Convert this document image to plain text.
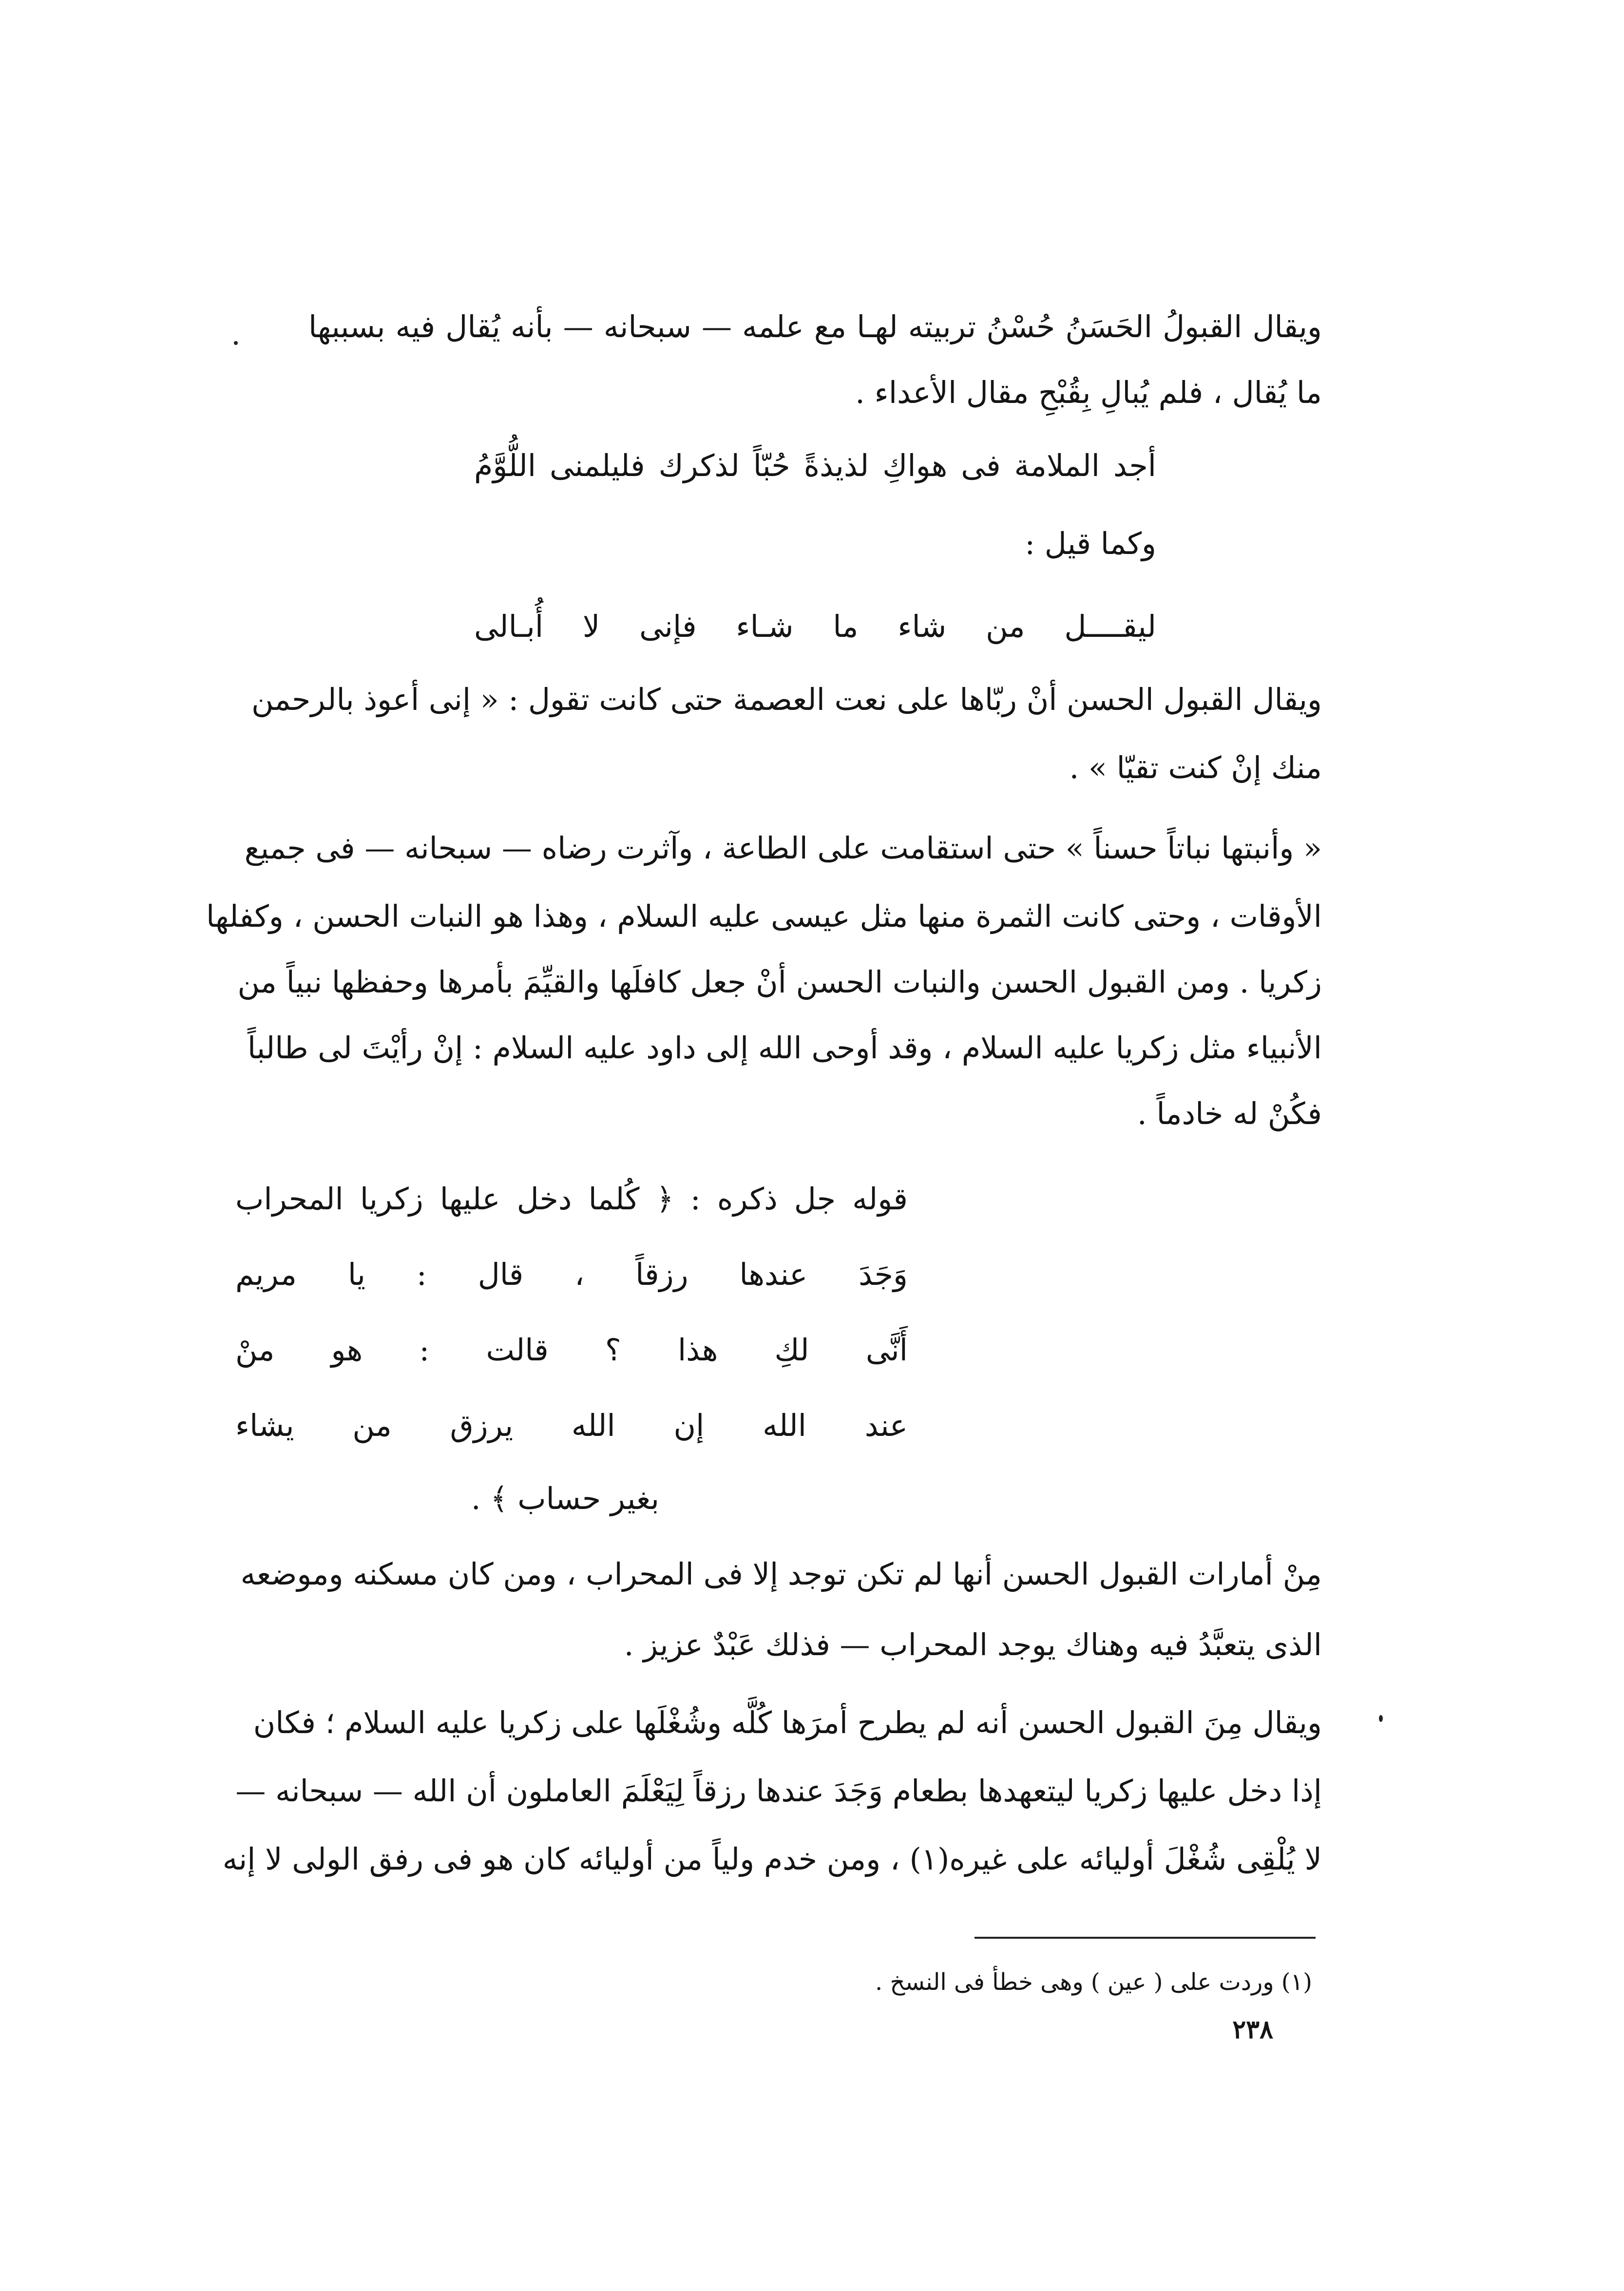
ويقال القبولُ الحَسَنُ حُسْنُ تربيته لهـا مع علمه — سبحانه — بأنه يُقال فيه بسببها
ما يُقال ، فلم يُبالِ بِقُبْحِ مقال الأعداء .
أجد الملامة فى هواكِ لذيذةً حُبّاً لذكرك فليلمنى اللُّوَّمُ
وكما قيل :
ليقــــل من شاء ما شـاء فإنى لا أُبـالى
ويقال القبول الحسن أنْ ربّاها على نعت العصمة حتى كانت تقول : « إنى أعوذ بالرحمن
منك إنْ كنت تقيّا » .
« وأنبتها نباتاً حسناً » حتى استقامت على الطاعة ، وآثرت رضاه — سبحانه — فى جميع
الأوقات ، وحتى كانت الثمرة منها مثل عيسى عليه السلام ، وهذا هو النبات الحسن ، وكفلها
زكريا . ومن القبول الحسن والنبات الحسن أنْ جعل كافلَها والقيِّمَ بأمرها وحفظها نبياً من
الأنبياء مثل زكريا عليه السلام ، وقد أوحى الله إلى داود عليه السلام : إنْ رأيْتَ لى طالباً
فكُنْ له خادماً .
قوله جل ذكره : ﴿ كُلما دخل عليها زكريا المحراب
وَجَدَ عندها رزقاً ، قال : يا مريم
أَنَّى لكِ هذا ؟ قالت : هو منْ
عند الله إن الله يرزق من يشاء
بغير حساب ﴾ .
مِنْ أمارات القبول الحسن أنها لم تكن توجد إلا فى المحراب ، ومن كان مسكنه وموضعه
الذى يتعبَّدُ فيه وهناك يوجد المحراب — فذلك عَبْدٌ عزيز .
ويقال مِنَ القبول الحسن أنه لم يطرح أمرَها كُلَّه وشُغْلَها على زكريا عليه السلام ؛ فكان
إذا دخل عليها زكريا ليتعهدها بطعام وَجَدَ عندها رزقاً لِيَعْلَمَ العاملون أن الله — سبحانه —
لا يُلْقِى شُغْلَ أوليائه على غيره(١) ، ومن خدم ولياً من أوليائه كان هو فى رفق الولى لا إنه
(١) وردت على ( عين ) وهى خطأ فى النسخ .
٢٣٨
